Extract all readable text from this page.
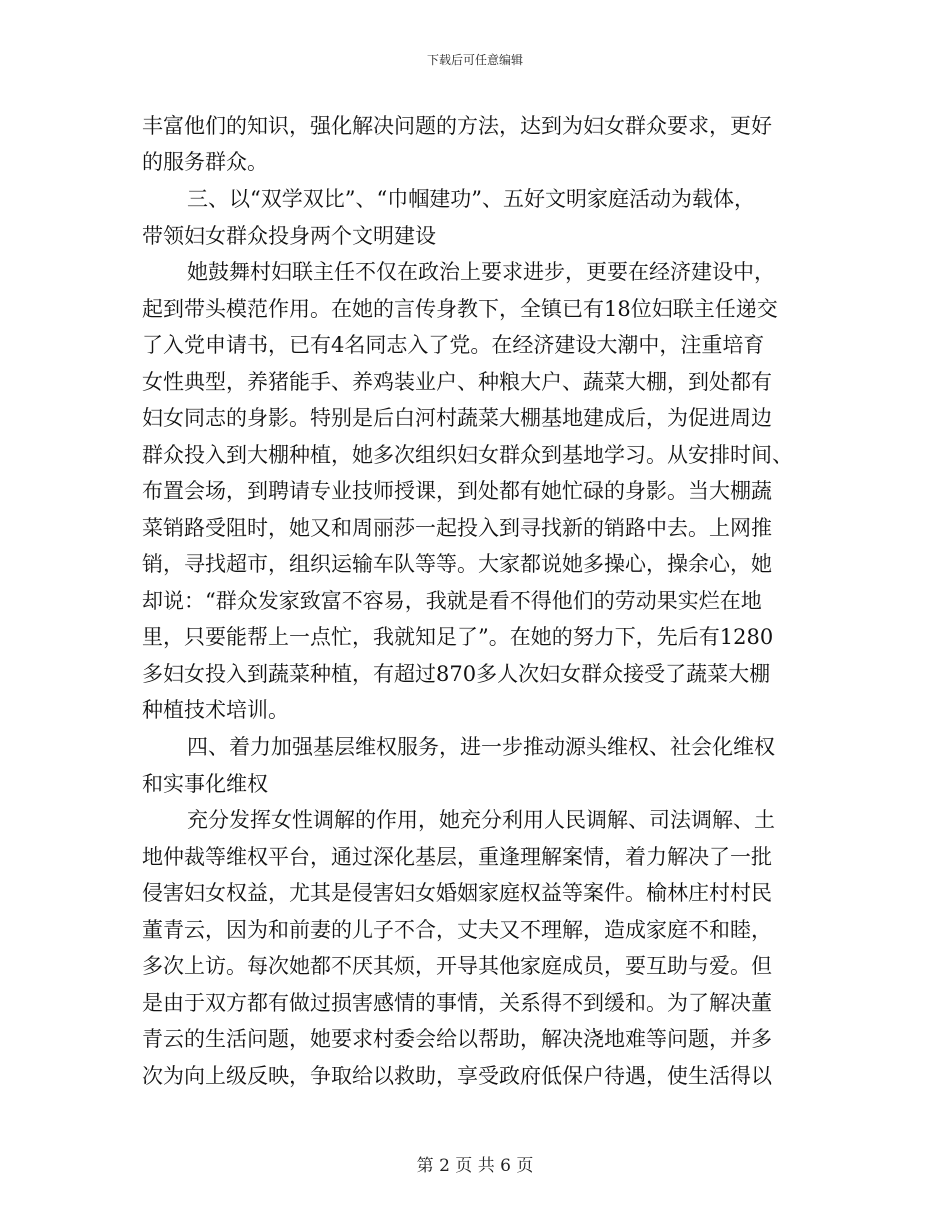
下载后可任意编辑
丰富他们的知识，强化解决问题的方法，达到为妇女群众要求，更好
的服务群众。
三、以“双学双比”、“巾帼建功”、五好文明家庭活动为载体，
带领妇女群众投身两个文明建设
她鼓舞村妇联主任不仅在政治上要求进步，更要在经济建设中，
起到带头模范作用。在她的言传身教下，全镇已有18位妇联主任递交
了入党申请书，已有4名同志入了党。在经济建设大潮中，注重培育
女性典型，养猪能手、养鸡装业户、种粮大户、蔬菜大棚，到处都有
妇女同志的身影。特别是后白河村蔬菜大棚基地建成后，为促进周边
群众投入到大棚种植，她多次组织妇女群众到基地学习。从安排时间、
布置会场，到聘请专业技师授课，到处都有她忙碌的身影。当大棚蔬
菜销路受阻时，她又和周丽莎一起投入到寻找新的销路中去。上网推
销，寻找超市，组织运输车队等等。大家都说她多操心，操余心，她
却说：“群众发家致富不容易，我就是看不得他们的劳动果实烂在地
里，只要能帮上一点忙，我就知足了”。在她的努力下，先后有1280
多妇女投入到蔬菜种植，有超过870多人次妇女群众接受了蔬菜大棚
种植技术培训。
四、着力加强基层维权服务，进一步推动源头维权、社会化维权
和实事化维权
充分发挥女性调解的作用，她充分利用人民调解、司法调解、土
地仲裁等维权平台，通过深化基层，重逢理解案情，着力解决了一批
侵害妇女权益，尤其是侵害妇女婚姻家庭权益等案件。榆林庄村村民
董青云，因为和前妻的儿子不合，丈夫又不理解，造成家庭不和睦，
多次上访。每次她都不厌其烦，开导其他家庭成员，要互助与爱。但
是由于双方都有做过损害感情的事情，关系得不到缓和。为了解决董
青云的生活问题，她要求村委会给以帮助，解决浇地难等问题，并多
次为向上级反映，争取给以救助，享受政府低保户待遇，使生活得以
第 2 页 共 6 页
